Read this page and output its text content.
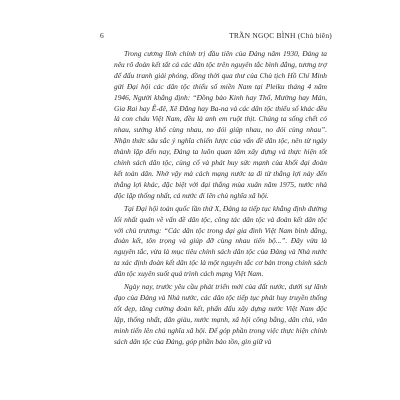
6	TRẦN NGỌC BÌNH (Chủ biên)

Trong cương lĩnh chính trị đầu tiên của Đảng năm 1930, Đảng ta nêu rõ đoàn kết tất cả các dân tộc trên nguyên tắc bình đẳng, tương trợ để đấu tranh giải phóng, đồng thời qua thư của Chủ tịch Hồ Chí Minh gửi Đại hội các dân tộc thiểu số miền Nam tại Pleiku tháng 4 năm 1946, Người khẳng định: “Đồng bào Kinh hay Thổ, Mường hay Mán, Gia Rai hay Ê-đê, Xê Đăng hay Ba-na và các dân tộc thiểu số khác đều là con cháu Việt Nam, đều là anh em ruột thịt. Chúng ta sống chết có nhau, sướng khổ cùng nhau, no đói giúp nhau, no đói cùng nhau”. Nhận thức sâu sắc ý nghĩa chiến lược của vấn đề dân tộc, nên từ ngày thành lập đến nay, Đảng ta luôn quan tâm xây dựng và thực hiện tốt chính sách dân tộc, cùng cố và phát huy sức mạnh của khối đại đoàn kết toàn dân. Nhờ vậy mà cách mạng nước ta đi từ thắng lợi này đến thắng lợi khác, đặc biệt với đại thắng mùa xuân năm 1975, nước nhà độc lập thống nhất, cả nước đi lên chủ nghĩa xã hội.

Tại Đại hội toàn quốc lần thứ X, Đảng ta tiếp tục khẳng định đường lối nhất quán về vấn đề dân tộc, công tác dân tộc và đoàn kết dân tộc với chủ trương: “Các dân tộc trong đại gia đình Việt Nam bình đẳng, đoàn kết, tôn trọng và giúp đỡ cùng nhau tiến bộ...”. Đây vừa là nguyên tắc, vừa là mục tiêu chính sách dân tộc của Đảng và Nhà nước ta xác định đoàn kết dân tộc là một nguyên tắc cơ bản trong chính sách dân tộc xuyên suốt quá trình cách mạng Việt Nam.

Ngày nay, trước yêu cầu phát triển mới của đất nước, dưới sự lãnh đạo của Đảng và Nhà nước, các dân tộc tiếp tục phát huy truyền thống tốt đẹp, tăng cường đoàn kết, phấn đấu xây dựng nước Việt Nam độc lập, thống nhất, dân giàu, nước mạnh, xã hội công bằng, dân chủ, văn minh tiến lên chủ nghĩa xã hội. Để góp phần trong việc thực hiện chính sách dân tộc của Đảng, góp phần bảo tồn, gìn giữ và
